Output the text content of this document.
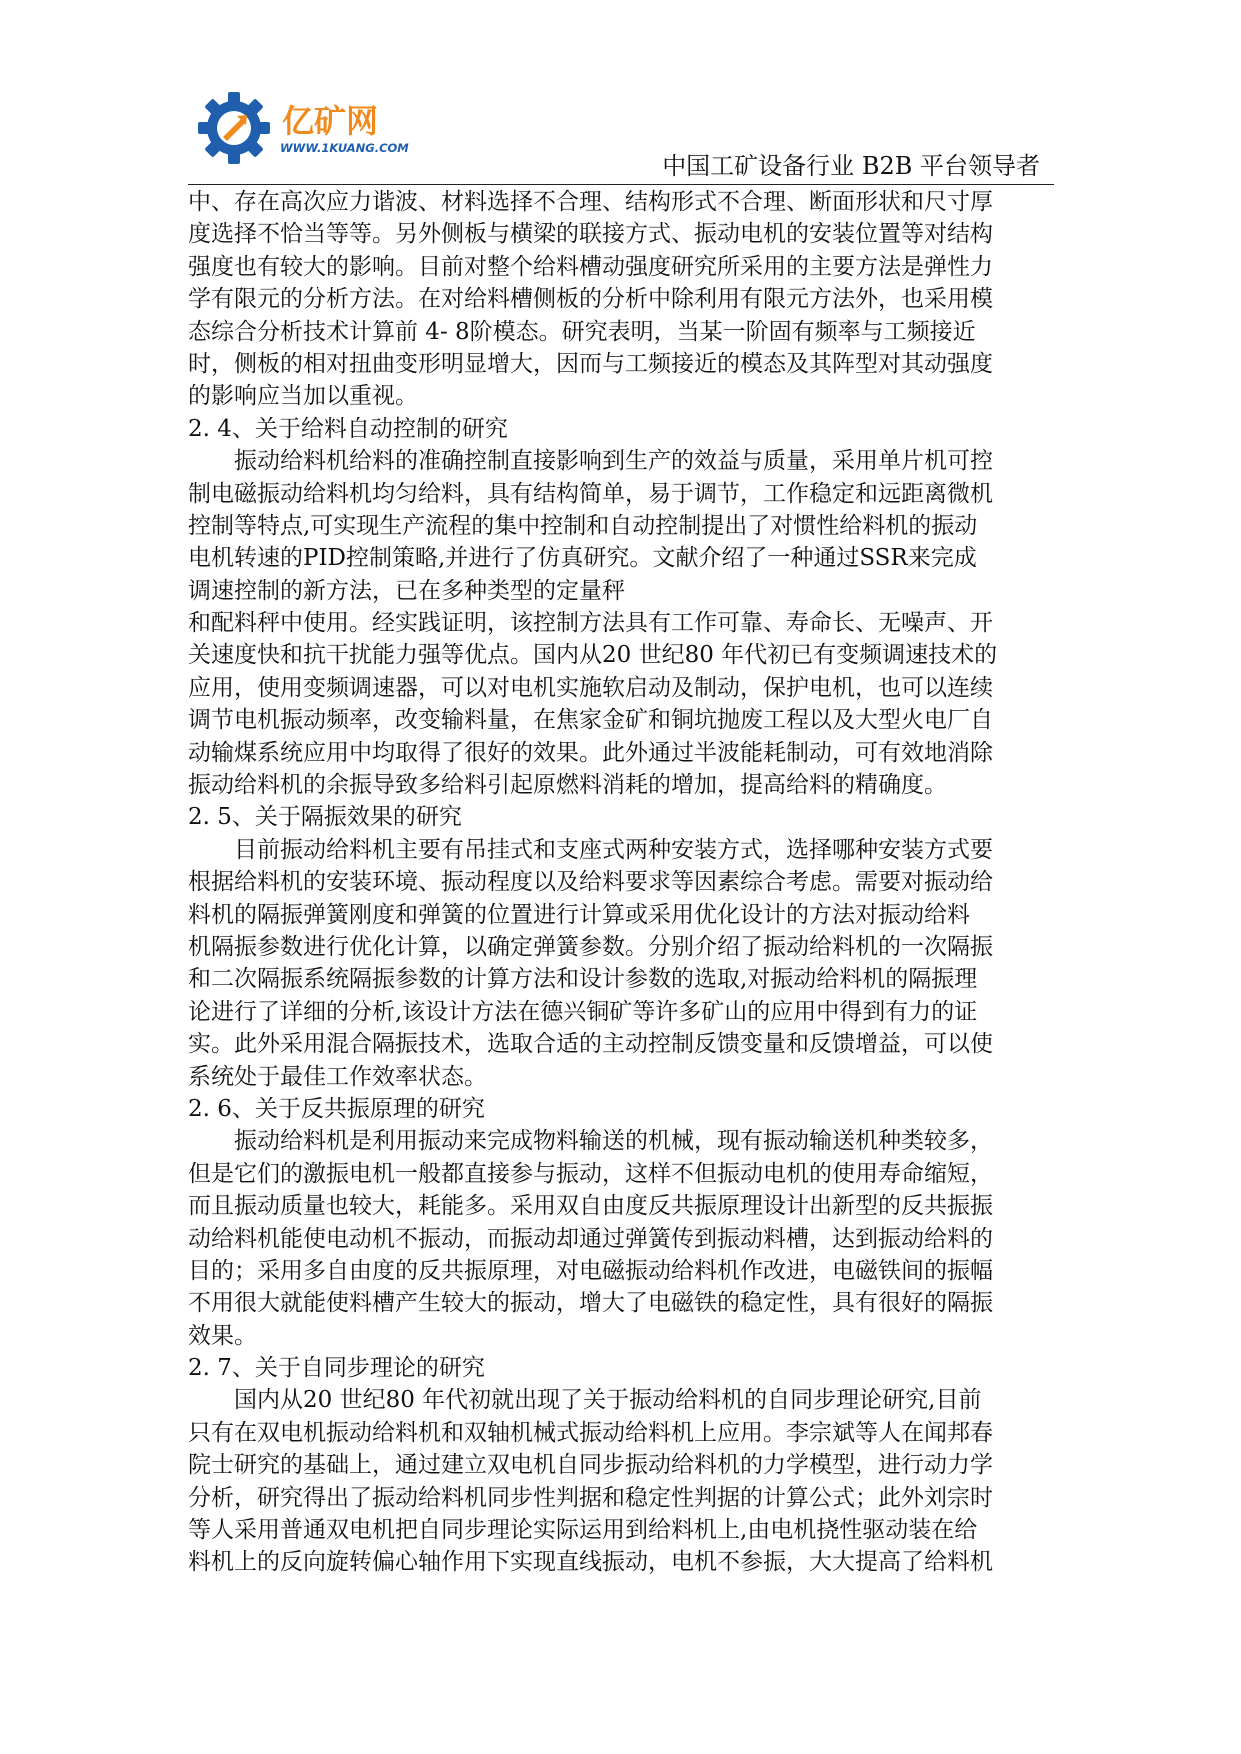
亿矿网
WWW.1KUANG.COM
中国工矿设备行业 B2B 平台领导者
中、存在高次应力谐波、材料选择不合理、结构形式不合理、断面形状和尺寸厚
度选择不恰当等等。另外侧板与横梁的联接方式、振动电机的安装位置等对结构
强度也有较大的影响。目前对整个给料槽动强度研究所采用的主要方法是弹性力
学有限元的分析方法。在对给料槽侧板的分析中除利用有限元方法外，也采用模
态综合分析技术计算前 4- 8阶模态。研究表明，当某一阶固有频率与工频接近
时，侧板的相对扭曲变形明显增大，因而与工频接近的模态及其阵型对其动强度
的影响应当加以重视。
2. 4、关于给料自动控制的研究
　　振动给料机给料的准确控制直接影响到生产的效益与质量，采用单片机可控
制电磁振动给料机均匀给料，具有结构简单，易于调节，工作稳定和远距离微机
控制等特点,可实现生产流程的集中控制和自动控制提出了对惯性给料机的振动
电机转速的PID控制策略,并进行了仿真研究。文献介绍了一种通过SSR来完成
调速控制的新方法，已在多种类型的定量秤
和配料秤中使用。经实践证明，该控制方法具有工作可靠、寿命长、无噪声、开
关速度快和抗干扰能力强等优点。国内从20 世纪80 年代初已有变频调速技术的
应用，使用变频调速器，可以对电机实施软启动及制动，保护电机，也可以连续
调节电机振动频率，改变输料量，在焦家金矿和铜坑抛废工程以及大型火电厂自
动输煤系统应用中均取得了很好的效果。此外通过半波能耗制动，可有效地消除
振动给料机的余振导致多给料引起原燃料消耗的增加，提高给料的精确度。
2. 5、关于隔振效果的研究
　　目前振动给料机主要有吊挂式和支座式两种安装方式，选择哪种安装方式要
根据给料机的安装环境、振动程度以及给料要求等因素综合考虑。需要对振动给
料机的隔振弹簧刚度和弹簧的位置进行计算或采用优化设计的方法对振动给料
机隔振参数进行优化计算，以确定弹簧参数。分别介绍了振动给料机的一次隔振
和二次隔振系统隔振参数的计算方法和设计参数的选取,对振动给料机的隔振理
论进行了详细的分析,该设计方法在德兴铜矿等许多矿山的应用中得到有力的证
实。此外采用混合隔振技术，选取合适的主动控制反馈变量和反馈增益，可以使
系统处于最佳工作效率状态。
2. 6、关于反共振原理的研究
　　振动给料机是利用振动来完成物料输送的机械，现有振动输送机种类较多，
但是它们的激振电机一般都直接参与振动，这样不但振动电机的使用寿命缩短，
而且振动质量也较大，耗能多。采用双自由度反共振原理设计出新型的反共振振
动给料机能使电动机不振动，而振动却通过弹簧传到振动料槽，达到振动给料的
目的；采用多自由度的反共振原理，对电磁振动给料机作改进，电磁铁间的振幅
不用很大就能使料槽产生较大的振动，增大了电磁铁的稳定性，具有很好的隔振
效果。
2. 7、关于自同步理论的研究
　　国内从20 世纪80 年代初就出现了关于振动给料机的自同步理论研究,目前
只有在双电机振动给料机和双轴机械式振动给料机上应用。李宗斌等人在闻邦春
院士研究的基础上，通过建立双电机自同步振动给料机的力学模型，进行动力学
分析，研究得出了振动给料机同步性判据和稳定性判据的计算公式；此外刘宗时
等人采用普通双电机把自同步理论实际运用到给料机上,由电机挠性驱动装在给
料机上的反向旋转偏心轴作用下实现直线振动，电机不参振，大大提高了给料机
